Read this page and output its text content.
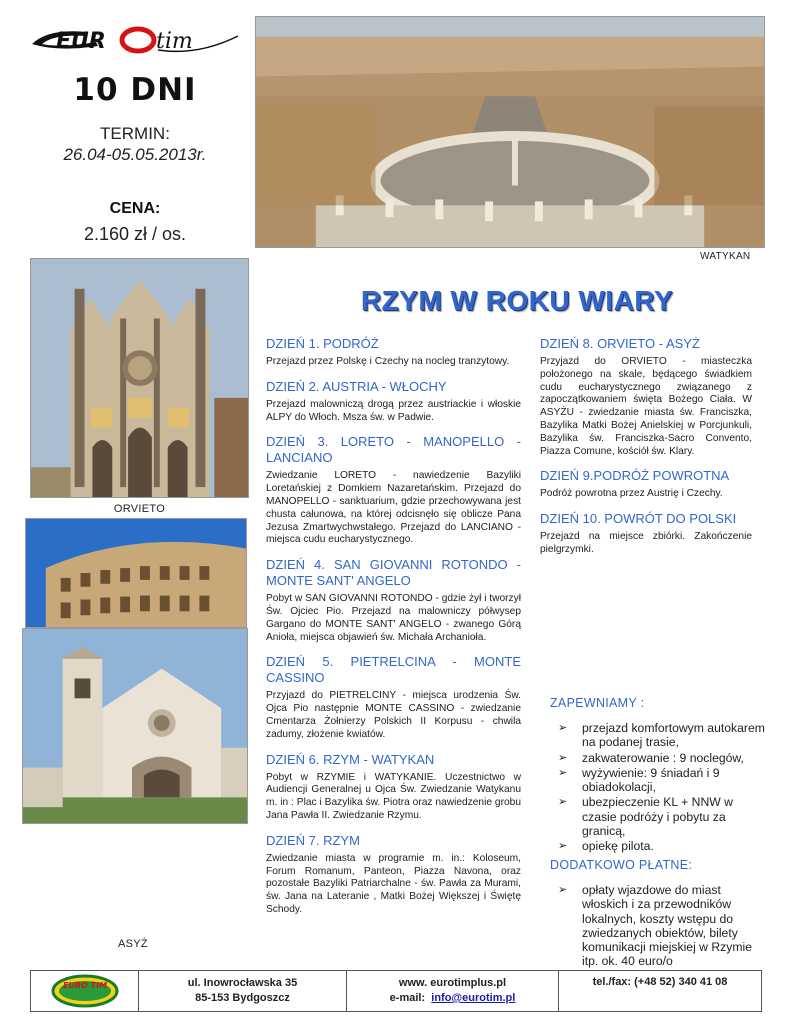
EUR tim
10 DNI
TERMIN:
26.04-05.05.2013r.
CENA:
2.160 zł / os.
WATYKAN
ORVIETO
ASYŻ
RZYM W ROKU WIARY
DZIEŃ 1. PODRÓŻ
Przejazd przez Polskę i Czechy na nocleg tranzytowy.
DZIEŃ 2. AUSTRIA - WŁOCHY
Przejazd malowniczą drogą przez austriackie i włoskie ALPY do Włoch. Msza św. w Padwie.
DZIEŃ 3. LORETO - MANOPELLO - LANCIANO
Zwiedzanie LORETO - nawiedzenie Bazyliki Loretańskiej z Domkiem Nazaretańskim. Przejazd do MANOPELLO - sanktuarium, gdzie przechowywana jest chusta całunowa, na której odcisnęło się oblicze Pana Jezusa Zmartwychwstałego. Przejazd do LANCIANO - miejsca cudu eucharystycznego.
DZIEŃ 4. SAN GIOVANNI ROTONDO - MONTE SANT' ANGELO
Pobyt w SAN GIOVANNI ROTONDO - gdzie żył i tworzył Św. Ojciec Pio. Przejazd na malowniczy półwysep Gargano do MONTE SANT' ANGELO - zwanego Górą Anioła, miejsca objawień św. Michała Archanioła.
DZIEŃ 5. PIETRELCINA - MONTE CASSINO
Przyjazd do PIETRELCINY - miejsca urodzenia Św. Ojca Pio następnie MONTE CASSINO - zwiedzanie Cmentarza Żołnierzy Polskich II Korpusu - chwila zadumy, złożenie kwiatów.
DZIEŃ 6. RZYM - WATYKAN
Pobyt w RZYMIE i WATYKANIE. Uczestnictwo w Audiencji Generalnej u Ojca Św. Zwiedzanie Watykanu m. in : Plac i Bazylika św. Piotra oraz nawiedzenie grobu Jana Pawła II. Zwiedzanie Rzymu.
DZIEŃ 7. RZYM
Zwiedzanie miasta w programie m. in.: Koloseum, Forum Romanum, Panteon, Piazza Navona, oraz pozostałe Bazyliki Patriarchalne - św. Pawła za Murami, św. Jana na Lateranie , Matki Bożej Większej i Świętę Schody.
DZIEŃ 8. ORVIETO - ASYŻ
Przyjazd do ORVIETO - miasteczka położonego na skale, będącego świadkiem cudu eucharystycznego związanego z zapoczątkowaniem święta Bożego Ciała. W ASYŻU - zwiedzanie miasta św. Franciszka, Bazylika Matki Bożej Anielskiej w Porcjunkuli, Bazylika św. Franciszka-Sacro Convento, Piazza Comune, kościół św. Klary.
DZIEŃ 9.PODRÓŻ POWROTNA
Podróż powrotna przez Austrię i Czechy.
DZIEŃ 10. POWRÓT DO POLSKI
Przejazd na miejsce zbiórki. Zakończenie pielgrzymki.
ZAPEWNIAMY :
➢ przejazd komfortowym autokarem na podanej trasie,
➢ zakwaterowanie : 9 noclegów,
➢ wyżywienie: 9 śniadań i 9 obiadokolacji,
➢ ubezpieczenie KL + NNW w czasie podróży i pobytu za granicą,
➢ opiekę pilota.
DODATKOWO PŁATNE:
➢ opłaty wjazdowe do miast włoskich i za przewodników lokalnych, koszty wstępu do zwiedzanych obiektów, bilety komunikacji miejskiej w Rzymie itp. ok. 40 euro/o
EURO TIM	ul. Inowrocławska 35
85-153 Bydgoszcz
www. eurotimplus.pl
e-mail: info@eurotim.pl
tel./fax: (+48 52) 340 41 08
